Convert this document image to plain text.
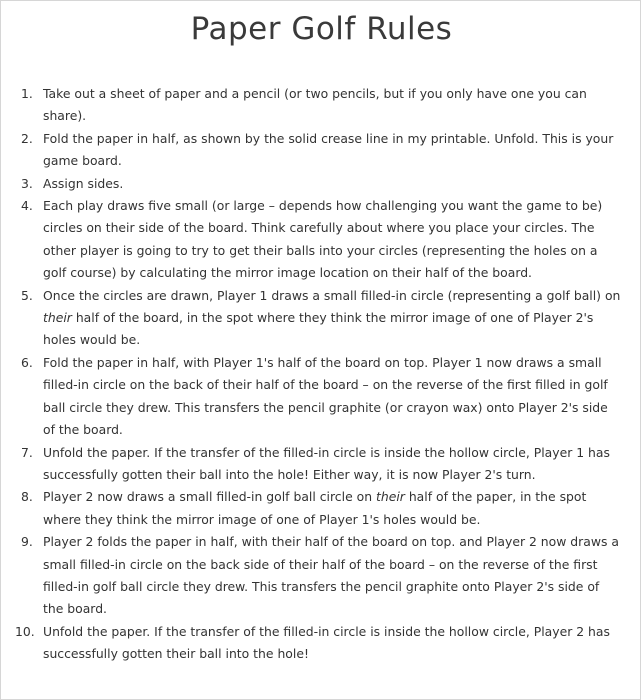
Paper Golf Rules
1. Take out a sheet of paper and a pencil (or two pencils, but if you only have one you can share).
2. Fold the paper in half, as shown by the solid crease line in my printable. Unfold. This is your game board.
3. Assign sides.
4. Each play draws five small (or large – depends how challenging you want the game to be) circles on their side of the board. Think carefully about where you place your circles. The other player is going to try to get their balls into your circles (representing the holes on a golf course) by calculating the mirror image location on their half of the board.
5. Once the circles are drawn, Player 1 draws a small filled-in circle (representing a golf ball) on their half of the board, in the spot where they think the mirror image of one of Player 2's holes would be.
6. Fold the paper in half, with Player 1's half of the board on top. Player 1 now draws a small filled-in circle on the back of their half of the board – on the reverse of the first filled in golf ball circle they drew. This transfers the pencil graphite (or crayon wax) onto Player 2's side of the board.
7. Unfold the paper. If the transfer of the filled-in circle is inside the hollow circle, Player 1 has successfully gotten their ball into the hole! Either way, it is now Player 2's turn.
8. Player 2 now draws a small filled-in golf ball circle on their half of the paper, in the spot where they think the mirror image of one of Player 1's holes would be.
9. Player 2 folds the paper in half, with their half of the board on top. and Player 2 now draws a small filled-in circle on the back side of their half of the board – on the reverse of the first filled-in golf ball circle they drew. This transfers the pencil graphite onto Player 2's side of the board.
10. Unfold the paper. If the transfer of the filled-in circle is inside the hollow circle, Player 2 has successfully gotten their ball into the hole!
